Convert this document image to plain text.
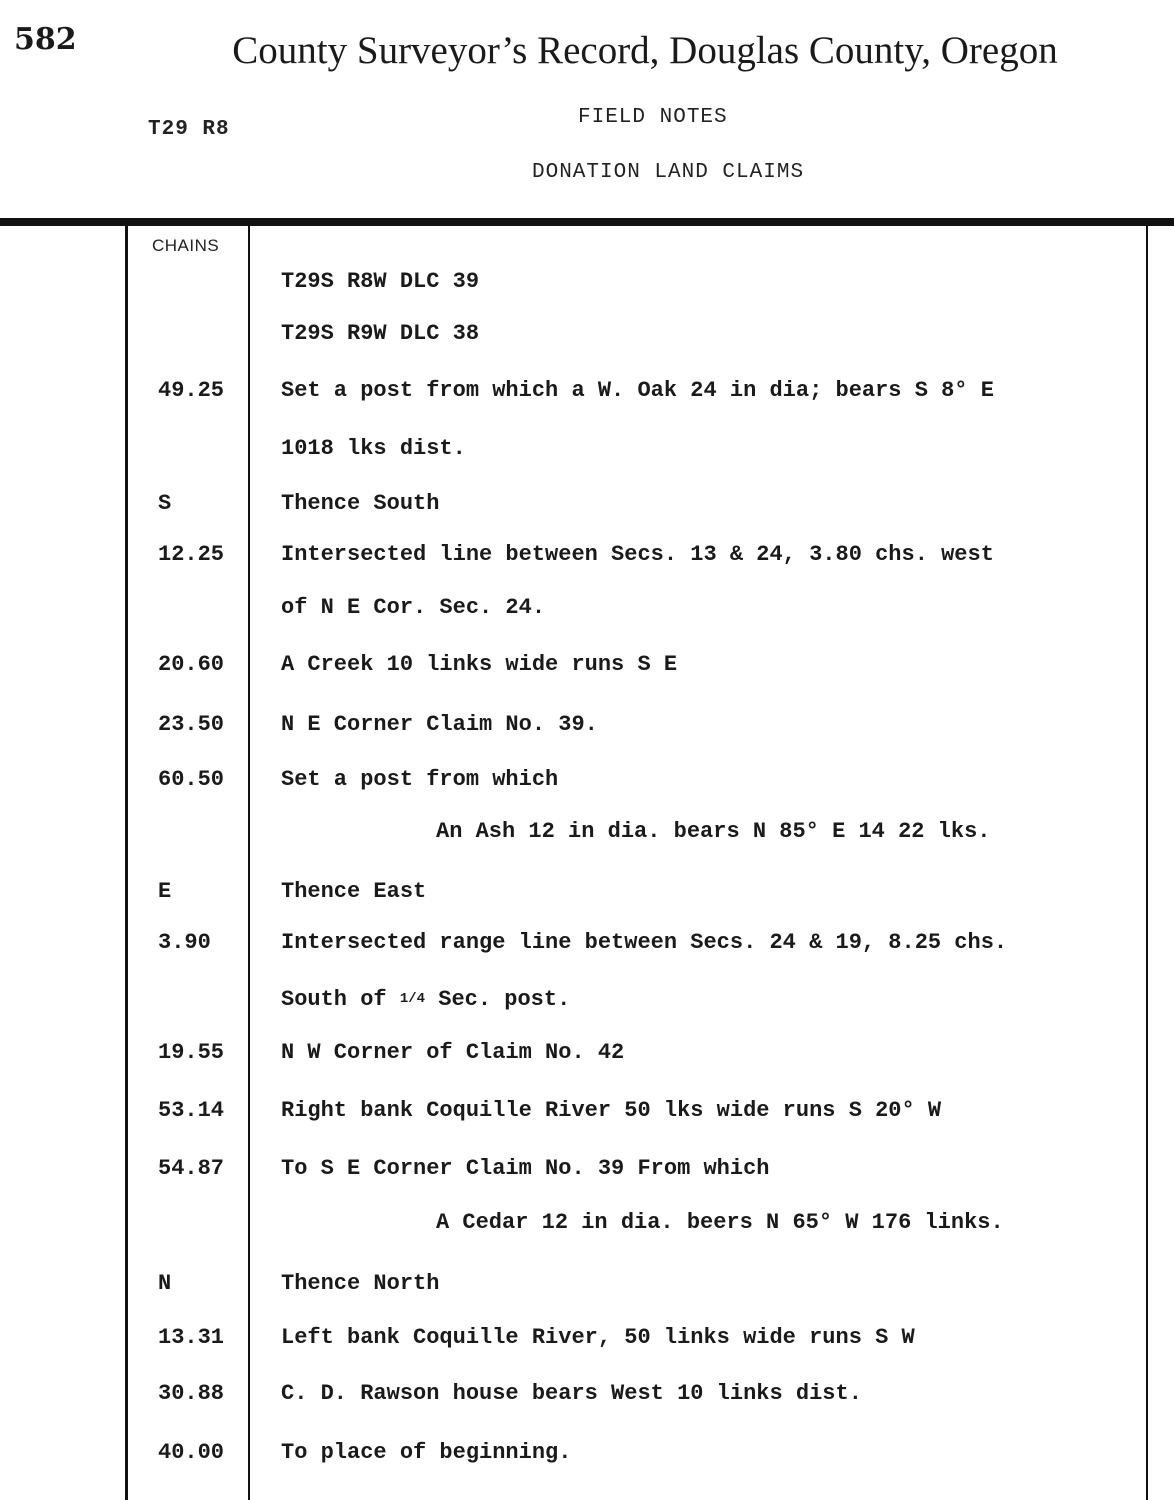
582	County Surveyor’s Record, Douglas County, Oregon
T29 R8
FIELD NOTES
DONATION LAND CLAIMS
CHAINS
T29S R8W DLC 39
T29S R9W DLC 38
49.25	Set a post from which a W. Oak 24 in dia; bears S 8° E
1018 lks dist.
S	Thence South
12.25	Intersected line between Secs. 13 & 24, 3.80 chs. west
of N E Cor. Sec. 24.
20.60	A Creek 10 links wide runs S E
23.50	N E Corner Claim No. 39.
60.50	Set a post from which
An Ash 12 in dia. bears N 85° E 14 22 lks.
E	Thence East
3.90	Intersected range line between Secs. 24 & 19, 8.25 chs.
South of 1/4 Sec. post.
19.55	N W Corner of Claim No. 42
53.14	Right bank Coquille River 50 lks wide runs S 20° W
54.87	To S E Corner Claim No. 39 From which
A Cedar 12 in dia. beers N 65° W 176 links.
N	Thence North
13.31	Left bank Coquille River, 50 links wide runs S W
30.88	C. D. Rawson house bears West 10 links dist.
40.00	To place of beginning.
